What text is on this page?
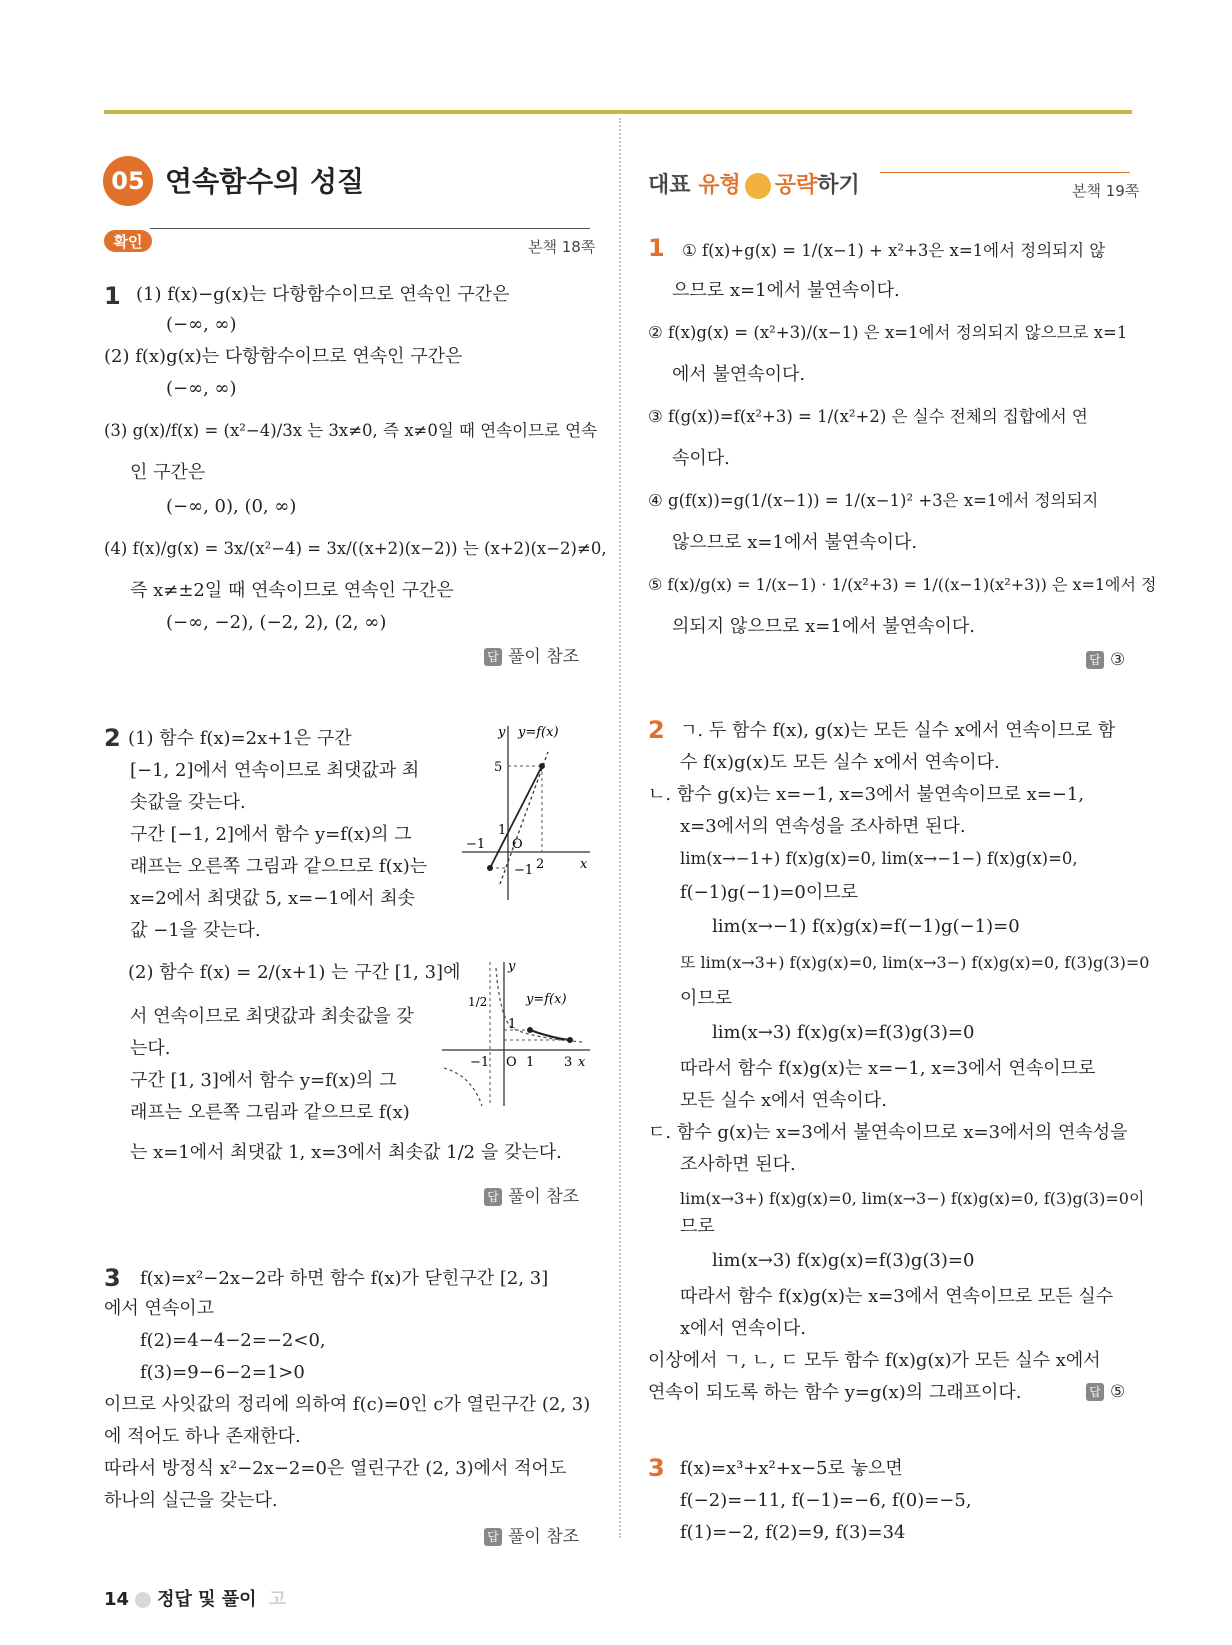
05 연속함수의 성질
확인	본책 18쪽
대표 유형 공략하기	본책 19쪽
1 (1) f(x)−g(x)는 다항함수이므로 연속인 구간은
(−∞, ∞)
(2) f(x)g(x)는 다항함수이므로 연속인 구간은
(−∞, ∞)
(3) g(x)/f(x) = (x²−4)/3x 는 3x≠0, 즉 x≠0일 때 연속이므로 연속
인 구간은
(−∞, 0), (0, ∞)
(4) f(x)/g(x) = 3x/(x²−4) = 3x/((x+2)(x−2)) 는 (x+2)(x−2)≠0,
즉 x≠±2일 때 연속이므로 연속인 구간은
(−∞, −2), (−2, 2), (2, ∞)
답 풀이 참조
2 (1) 함수 f(x)=2x+1은 구간
[−1, 2]에서 연속이므로 최댓값과 최
솟값을 갖는다.
구간 [−1, 2]에서 함수 y=f(x)의 그
래프는 오른쪽 그림과 같으므로 f(x)는
x=2에서 최댓값 5, x=−1에서 최솟
값 −1을 갖는다.
y y=f(x)
5
1
−1 O
2
−1	x
(2) 함수 f(x) = 2/(x+1) 는 구간 [1, 3]에
서 연속이므로 최댓값과 최솟값을 갖
는다.
구간 [1, 3]에서 함수 y=f(x)의 그
래프는 오른쪽 그림과 같으므로 f(x)
는 x=1에서 최댓값 1, x=3에서 최솟값 1/2 을 갖는다.
y
y=f(x)
1/2
1
−1 O 1 3 x
답 풀이 참조
3 f(x)=x²−2x−2라 하면 함수 f(x)가 닫힌구간 [2, 3]
에서 연속이고
f(2)=4−4−2=−2<0,
f(3)=9−6−2=1>0
이므로 사잇값의 정리에 의하여 f(c)=0인 c가 열린구간 (2, 3)
에 적어도 하나 존재한다.
따라서 방정식 x²−2x−2=0은 열린구간 (2, 3)에서 적어도
하나의 실근을 갖는다.
답 풀이 참조
1 ① f(x)+g(x) = 1/(x−1) + x²+3은 x=1에서 정의되지 않
으므로 x=1에서 불연속이다.
② f(x)g(x) = (x²+3)/(x−1) 은 x=1에서 정의되지 않으므로 x=1
에서 불연속이다.
③ f(g(x))=f(x²+3) = 1/(x²+2) 은 실수 전체의 집합에서 연
속이다.
④ g(f(x))=g(1/(x−1)) = 1/(x−1)² +3은 x=1에서 정의되지
않으므로 x=1에서 불연속이다.
⑤ f(x)/g(x) = 1/(x−1) · 1/(x²+3) = 1/((x−1)(x²+3)) 은 x=1에서 정
의되지 않으므로 x=1에서 불연속이다.
답 ③
2 ㄱ. 두 함수 f(x), g(x)는 모든 실수 x에서 연속이므로 함
수 f(x)g(x)도 모든 실수 x에서 연속이다.
ㄴ. 함수 g(x)는 x=−1, x=3에서 불연속이므로 x=−1,
x=3에서의 연속성을 조사하면 된다.
lim(x→−1+) f(x)g(x)=0, lim(x→−1−) f(x)g(x)=0,
f(−1)g(−1)=0이므로
lim(x→−1) f(x)g(x)=f(−1)g(−1)=0
또 lim(x→3+) f(x)g(x)=0, lim(x→3−) f(x)g(x)=0, f(3)g(3)=0
이므로
lim(x→3) f(x)g(x)=f(3)g(3)=0
따라서 함수 f(x)g(x)는 x=−1, x=3에서 연속이므로
모든 실수 x에서 연속이다.
ㄷ. 함수 g(x)는 x=3에서 불연속이므로 x=3에서의 연속성을
조사하면 된다.
lim(x→3+) f(x)g(x)=0, lim(x→3−) f(x)g(x)=0, f(3)g(3)=0이
므로
lim(x→3) f(x)g(x)=f(3)g(3)=0
따라서 함수 f(x)g(x)는 x=3에서 연속이므로 모든 실수
x에서 연속이다.
이상에서 ㄱ, ㄴ, ㄷ 모두 함수 f(x)g(x)가 모든 실수 x에서
연속이 되도록 하는 함수 y=g(x)의 그래프이다.	답 ⑤
3 f(x)=x³+x²+x−5로 놓으면
f(−2)=−11, f(−1)=−6, f(0)=−5,
f(1)=−2, f(2)=9, f(3)=34
14 정답 및 풀이 고
